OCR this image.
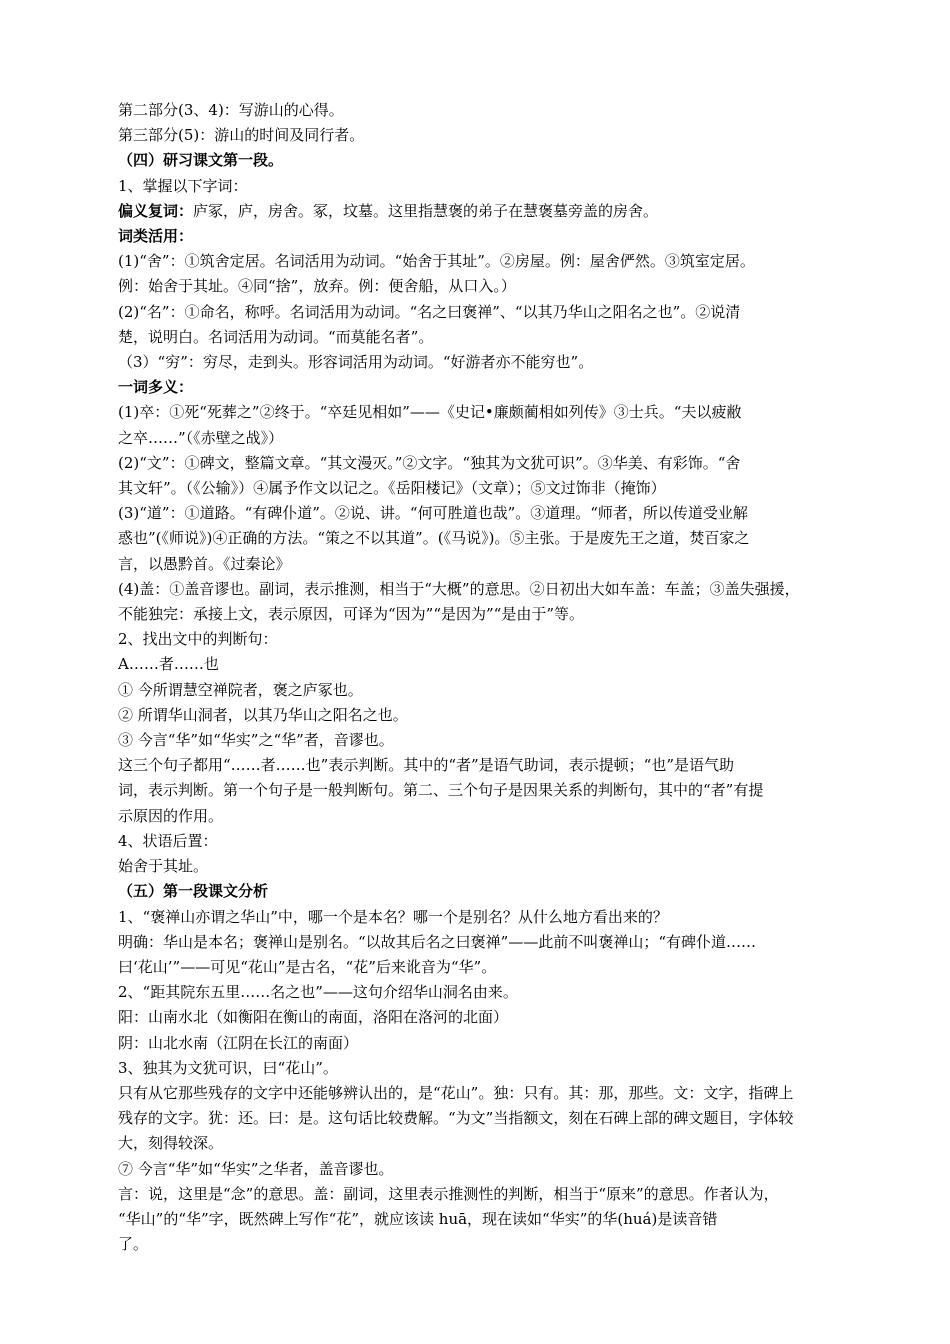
第二部分(3、4)：写游山的心得。
第三部分(5)：游山的时间及同行者。
（四）研习课文第一段。
1、掌握以下字词：
偏义复词：庐冢，庐，房舍。冢，坟墓。这里指慧褒的弟子在慧褒墓旁盖的房舍。
词类活用：
(1)“舍”：①筑舍定居。名词活用为动词。“始舍于其址”。②房屋。例：屋舍俨然。③筑室定居。
例：始舍于其址。④同“捨”，放弃。例：便舍船，从口入。）
(2)“名”：①命名，称呼。名词活用为动词。“名之曰褒禅”、“以其乃华山之阳名之也”。②说清
楚，说明白。名词活用为动词。“而莫能名者”。
（3）“穷”：穷尽，走到头。形容词活用为动词。“好游者亦不能穷也”。
一词多义：
(1)卒：①死“死葬之”②终于。“卒廷见相如”——《史记•廉颇蔺相如列传》③士兵。“夫以疲敝
之卒……”（《赤壁之战》）
(2)“文”：①碑文，整篇文章。“其文漫灭。”②文字。“独其为文犹可识”。③华美、有彩饰。“舍
其文轩”。（《公输》）④属予作文以记之。《岳阳楼记》（文章）；⑤文过饰非（掩饰）
(3)“道”：①道路。“有碑仆道”。②说、讲。“何可胜道也哉”。③道理。“师者，所以传道受业解
惑也”(《师说》)④正确的方法。“策之不以其道”。(《马说》)。⑤主张。于是废先王之道，焚百家之
言，以愚黔首。《过秦论》
(4)盖：①盖音谬也。副词，表示推测，相当于“大概”的意思。②日初出大如车盖：车盖；③盖失强援，
不能独完：承接上文，表示原因，可译为“因为”“是因为”“是由于”等。
2、找出文中的判断句：
A……者……也
① 今所谓慧空禅院者，褒之庐冢也。
② 所谓华山洞者，以其乃华山之阳名之也。
③ 今言“华”如“华实”之“华”者，音谬也。
这三个句子都用“……者……也”表示判断。其中的“者”是语气助词，表示提顿；“也”是语气助
词，表示判断。第一个句子是一般判断句。第二、三个句子是因果关系的判断句，其中的“者”有提
示原因的作用。
4、状语后置：
始舍于其址。
（五）第一段课文分析
1、“褒禅山亦谓之华山”中，哪一个是本名？哪一个是别名？从什么地方看出来的？
明确：华山是本名；褒禅山是别名。“以故其后名之曰褒禅”——此前不叫褒禅山；“有碑仆道……
曰‘花山’”——可见“花山”是古名，“花”后来讹音为“华”。
2、“距其院东五里……名之也”——这句介绍华山洞名由来。
阳：山南水北（如衡阳在衡山的南面，洛阳在洛河的北面）
阴：山北水南（江阴在长江的南面）
3、独其为文犹可识，曰“花山”。
只有从它那些残存的文字中还能够辨认出的，是“花山”。独：只有。其：那，那些。文：文字，指碑上
残存的文字。犹：还。曰：是。这句话比较费解。“为文”当指额文，刻在石碑上部的碑文题目，字体较
大，刻得较深。
⑦ 今言“华”如“华实”之华者，盖音谬也。
言：说，这里是“念”的意思。盖：副词，这里表示推测性的判断，相当于“原来”的意思。作者认为，
“华山”的“华”字，既然碑上写作“花”，就应该读 huā，现在读如“华实”的华(huá)是读音错
了。
